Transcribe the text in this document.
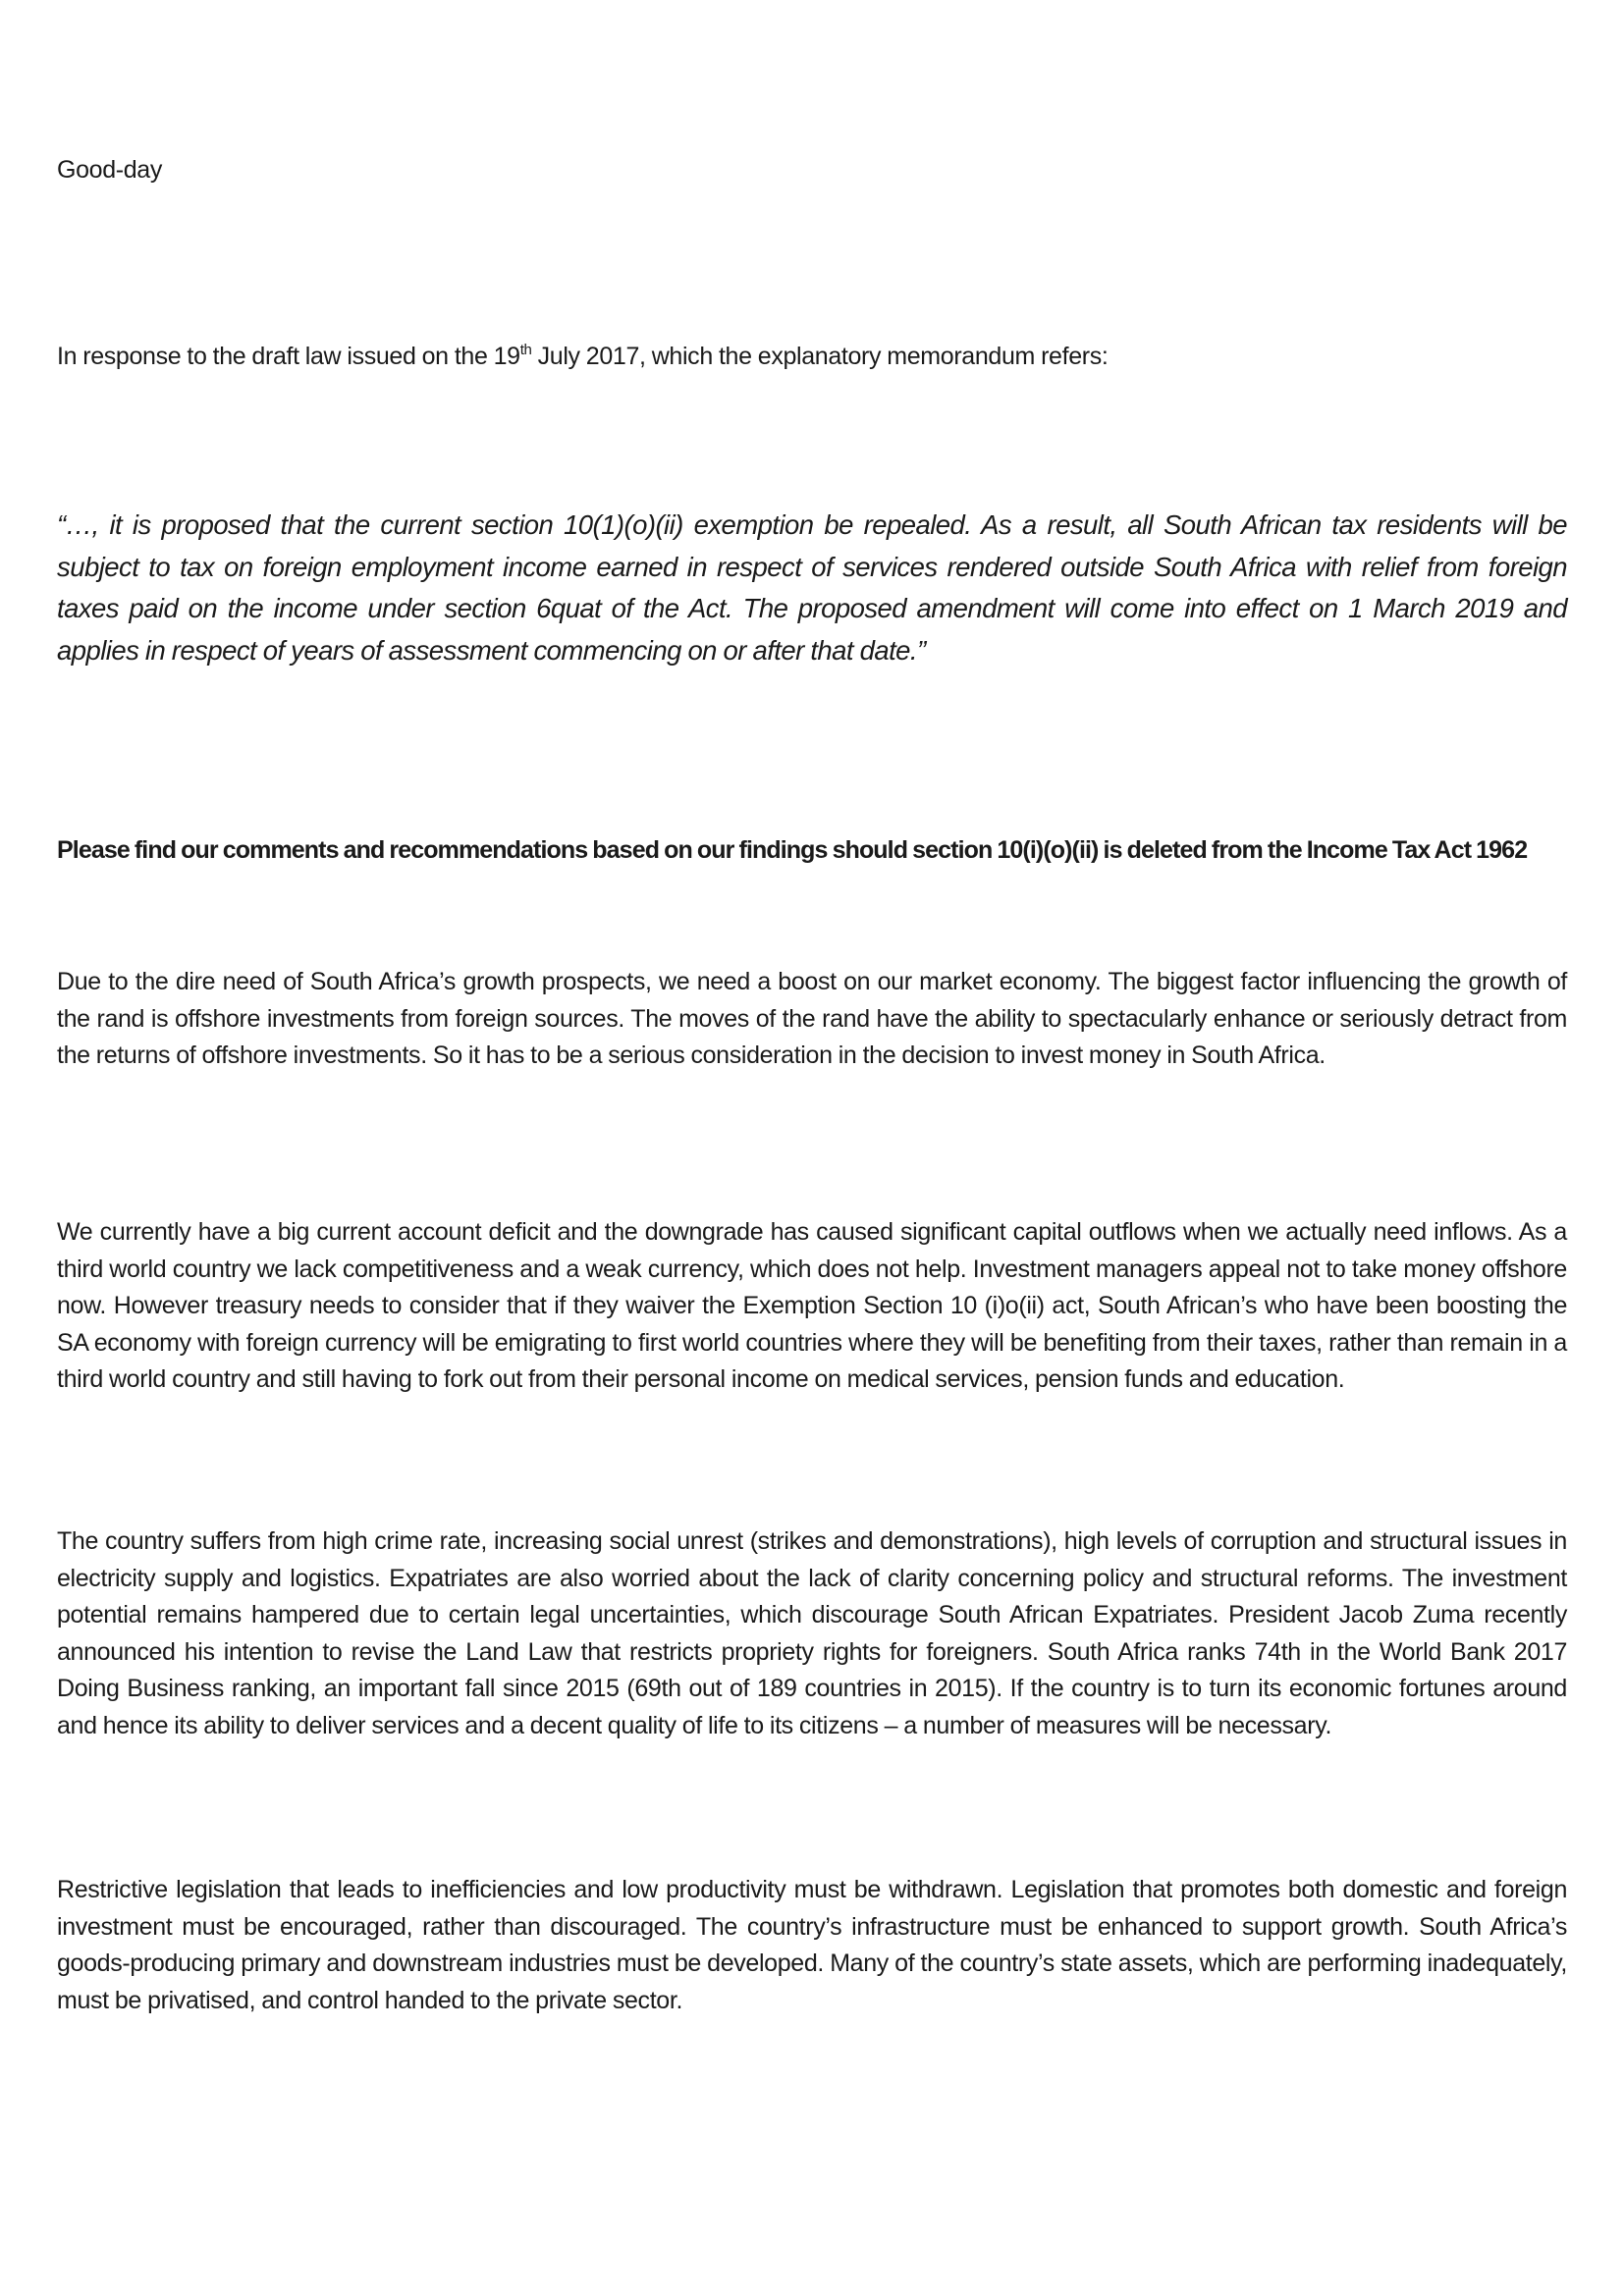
Good-day

In response to the draft law issued on the 19th July 2017, which the explanatory memorandum refers:

“…, it is proposed that the current section 10(1)(o)(ii) exemption be repealed. As a result, all South African tax residents will be subject to tax on foreign employment income earned in respect of services rendered outside South Africa with relief from foreign taxes paid on the income under section 6quat of the Act. The proposed amendment will come into effect on 1 March 2019 and applies in respect of years of assessment commencing on or after that date.”

Please find our comments and recommendations based on our findings should section 10(i)(o)(ii) is deleted from the Income Tax Act 1962

Due to the dire need of South Africa’s growth prospects, we need a boost on our market economy. The biggest factor influencing the growth of the rand is offshore investments from foreign sources. The moves of the rand have the ability to spectacularly enhance or seriously detract from the returns of offshore investments. So it has to be a serious consideration in the decision to invest money in South Africa.

We currently have a big current account deficit and the downgrade has caused significant capital outflows when we actually need inflows. As a third world country we lack competitiveness and a weak currency, which does not help. Investment managers appeal not to take money offshore now. However treasury needs to consider that if they waiver the Exemption Section 10 (i)o(ii) act, South African’s who have been boosting the SA economy with foreign currency will be emigrating to first world countries where they will be benefiting from their taxes, rather than remain in a third world country and still having to fork out from their personal income on medical services, pension funds and education.

The country suffers from high crime rate, increasing social unrest (strikes and demonstrations), high levels of corruption and structural issues in electricity supply and logistics. Expatriates are also worried about the lack of clarity concerning policy and structural reforms. The investment potential remains hampered due to certain legal uncertainties, which discourage South African Expatriates. President Jacob Zuma recently announced his intention to revise the Land Law that restricts propriety rights for foreigners. South Africa ranks 74th in the World Bank 2017 Doing Business ranking, an important fall since 2015 (69th out of 189 countries in 2015). If the country is to turn its economic fortunes around and hence its ability to deliver services and a decent quality of life to its citizens – a number of measures will be necessary.

Restrictive legislation that leads to inefficiencies and low productivity must be withdrawn. Legislation that promotes both domestic and foreign investment must be encouraged, rather than discouraged. The country’s infrastructure must be enhanced to support growth. South Africa’s goods-producing primary and downstream industries must be developed. Many of the country’s state assets, which are performing inadequately, must be privatised, and control handed to the private sector.
